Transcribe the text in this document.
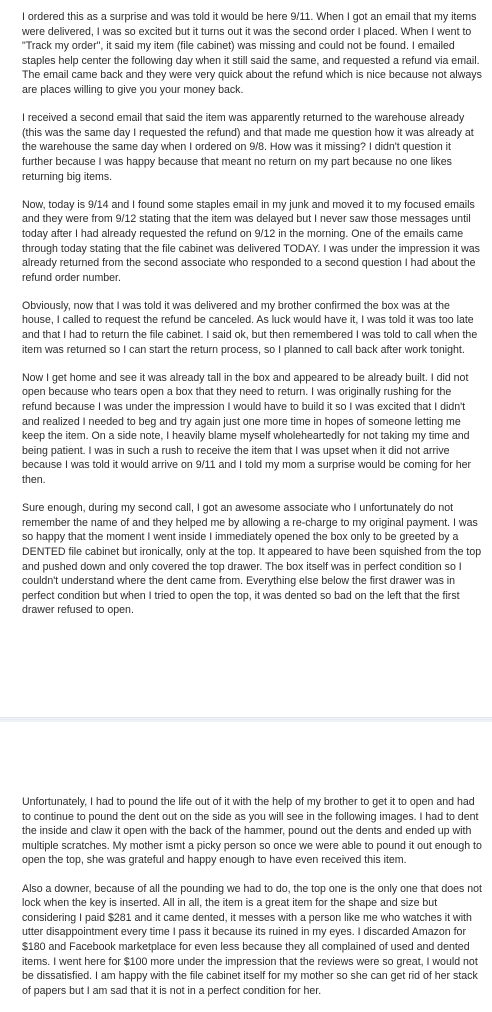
I ordered this as a surprise and was told it would be here 9/11. When I got an email that my items were delivered, I was so excited but it turns out it was the second order I placed. When I went to "Track my order", it said my item (file cabinet) was missing and could not be found. I emailed staples help center the following day when it still said the same, and requested a refund via email. The email came back and they were very quick about the refund which is nice because not always are places willing to give you your money back.

I received a second email that said the item was apparently returned to the warehouse already (this was the same day I requested the refund) and that made me question how it was already at the warehouse the same day when I ordered on 9/8. How was it missing? I didn't question it further because I was happy because that meant no return on my part because no one likes returning big items.

Now, today is 9/14 and I found some staples email in my junk and moved it to my focused emails and they were from 9/12 stating that the item was delayed but I never saw those messages until today after I had already requested the refund on 9/12 in the morning. One of the emails came through today stating that the file cabinet was delivered TODAY. I was under the impression it was already returned from the second associate who responded to a second question I had about the refund order number.

Obviously, now that I was told it was delivered and my brother confirmed the box was at the house, I called to request the refund be canceled. As luck would have it, I was told it was too late and that I had to return the file cabinet. I said ok, but then remembered I was told to call when the item was returned so I can start the return process, so I planned to call back after work tonight.

Now I get home and see it was already tall in the box and appeared to be already built. I did not open because who tears open a box that they need to return. I was originally rushing for the refund because I was under the impression I would have to build it so I was excited that I didn't and realized I needed to beg and try again just one more time in hopes of someone letting me keep the item. On a side note, I heavily blame myself wholeheartedly for not taking my time and being patient. I was in such a rush to receive the item that I was upset when it did not arrive because I was told it would arrive on 9/11 and I told my mom a surprise would be coming for her then.

Sure enough, during my second call, I got an awesome associate who I unfortunately do not remember the name of and they helped me by allowing a re-charge to my original payment. I was so happy that the moment I went inside I immediately opened the box only to be greeted by a DENTED file cabinet but ironically, only at the top. It appeared to have been squished from the top and pushed down and only covered the top drawer. The box itself was in perfect condition so I couldn't understand where the dent came from. Everything else below the first drawer was in perfect condition but when I tried to open the top, it was dented so bad on the left that the first drawer refused to open.

Unfortunately, I had to pound the life out of it with the help of my brother to get it to open and had to continue to pound the dent out on the side as you will see in the following images. I had to dent the inside and claw it open with the back of the hammer, pound out the dents and ended up with multiple scratches. My mother ismt a picky person so once we were able to pound it out enough to open the top, she was grateful and happy enough to have even received this item.

Also a downer, because of all the pounding we had to do, the top one is the only one that does not lock when the key is inserted. All in all, the item is a great item for the shape and size but considering I paid $281 and it came dented, it messes with a person like me who watches it with utter disappointment every time I pass it because its ruined in my eyes. I discarded Amazon for $180 and Facebook marketplace for even less because they all complained of used and dented items. I went here for $100 more under the impression that the reviews were so great, I would not be dissatisfied. I am happy with the file cabinet itself for my mother so she can get rid of her stack of papers but I am sad that it is not in a perfect condition for her.
